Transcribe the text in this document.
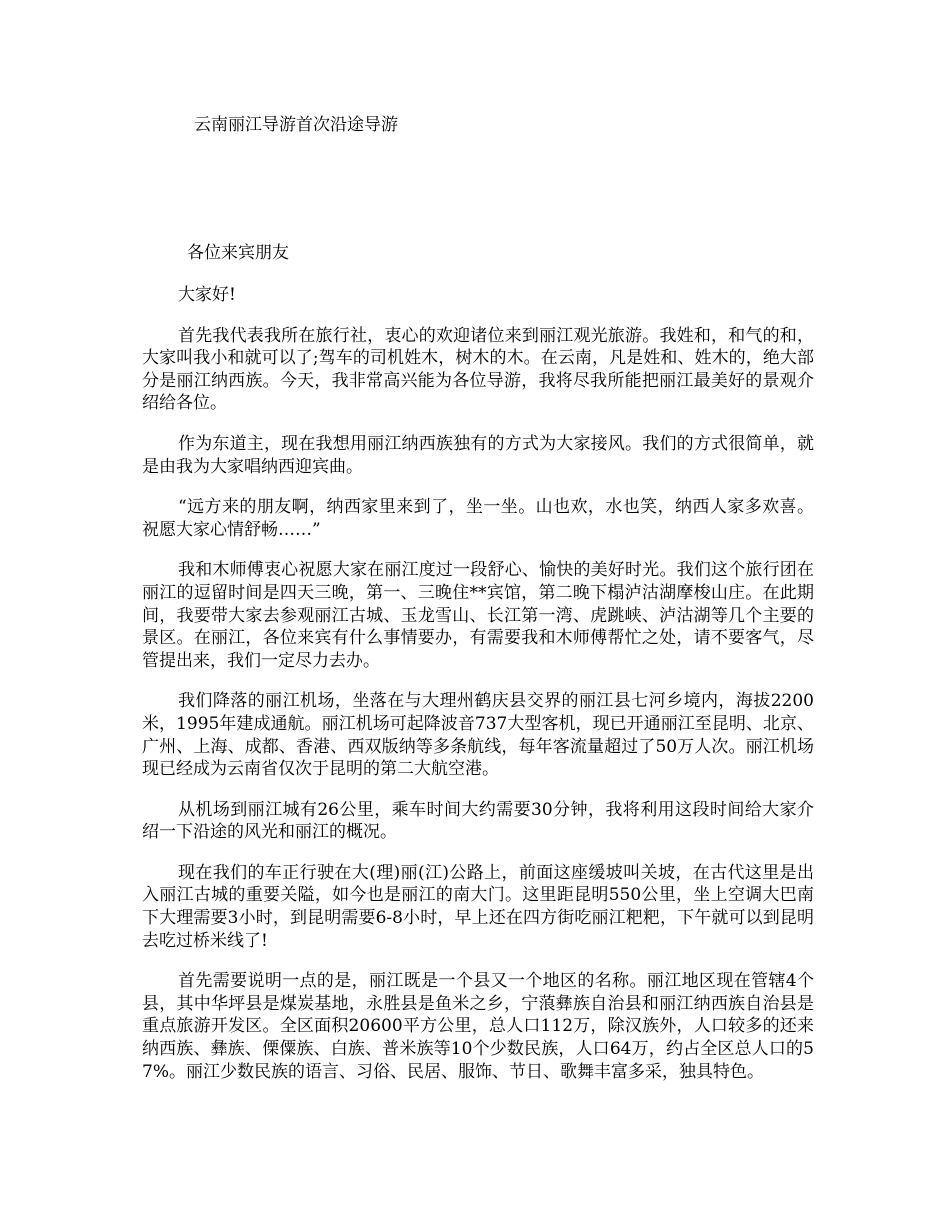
云南丽江导游首次沿途导游
各位来宾朋友

大家好!

首先我代表我所在旅行社，衷心的欢迎诸位来到丽江观光旅游。我姓和，和气的和，大家叫我小和就可以了;驾车的司机姓木，树木的木。在云南，凡是姓和、姓木的，绝大部分是丽江纳西族。今天，我非常高兴能为各位导游，我将尽我所能把丽江最美好的景观介绍给各位。

作为东道主，现在我想用丽江纳西族独有的方式为大家接风。我们的方式很简单，就是由我为大家唱纳西迎宾曲。

“远方来的朋友啊，纳西家里来到了，坐一坐。山也欢，水也笑，纳西人家多欢喜。祝愿大家心情舒畅……”

我和木师傅衷心祝愿大家在丽江度过一段舒心、愉快的美好时光。我们这个旅行团在丽江的逗留时间是四天三晚，第一、三晚住**宾馆，第二晚下榻泸沽湖摩梭山庄。在此期间，我要带大家去参观丽江古城、玉龙雪山、长江第一湾、虎跳峡、泸沽湖等几个主要的景区。在丽江，各位来宾有什么事情要办，有需要我和木师傅帮忙之处，请不要客气，尽管提出来，我们一定尽力去办。

我们降落的丽江机场，坐落在与大理州鹤庆县交界的丽江县七河乡境内，海拔2200米，1995年建成通航。丽江机场可起降波音737大型客机，现已开通丽江至昆明、北京、广州、上海、成都、香港、西双版纳等多条航线，每年客流量超过了50万人次。丽江机场现已经成为云南省仅次于昆明的第二大航空港。

从机场到丽江城有26公里，乘车时间大约需要30分钟，我将利用这段时间给大家介绍一下沿途的风光和丽江的概况。

现在我们的车正行驶在大(理)丽(江)公路上，前面这座缓坡叫关坡，在古代这里是出入丽江古城的重要关隘，如今也是丽江的南大门。这里距昆明550公里，坐上空调大巴南下大理需要3小时，到昆明需要6-8小时，早上还在四方街吃丽江粑粑，下午就可以到昆明去吃过桥米线了!

首先需要说明一点的是，丽江既是一个县又一个地区的名称。丽江地区现在管辖4个县，其中华坪县是煤炭基地，永胜县是鱼米之乡，宁蒗彝族自治县和丽江纳西族自治县是重点旅游开发区。全区面积20600平方公里，总人口112万，除汉族外，人口较多的还来纳西族、彝族、傈僳族、白族、普米族等10个少数民族，人口64万，约占全区总人口的57%。丽江少数民族的语言、习俗、民居、服饰、节日、歌舞丰富多采，独具特色。
